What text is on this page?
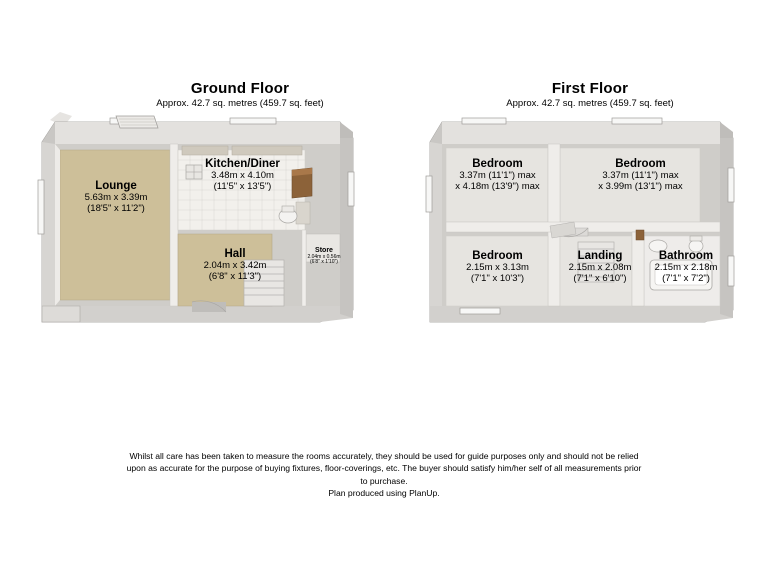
Ground Floor
Approx. 42.7 sq. metres (459.7 sq. feet)
Lounge
5.63m x 3.39m
(18'5" x 11'2")
Kitchen/Diner
3.48m x 4.10m
(11'5" x 13'5")
Hall
2.04m x 3.42m
(6'8" x 11'3")
Store
2.04m x 0.56m
(6'8" x 1'10")
First Floor
Approx. 42.7 sq. metres (459.7 sq. feet)
Bedroom
3.37m (11'1") max
x 4.18m (13'9") max
Bedroom
3.37m (11'1") max
x 3.99m (13'1") max
Bedroom
2.15m x 3.13m
(7'1" x 10'3")
Landing
2.15m x 2.08m
(7'1" x 6'10")
Bathroom
2.15m x 2.18m
(7'1" x 7'2")
Whilst all care has been taken to measure the rooms accurately, they should be used for guide purposes only and should not be relied
upon as accurate for the purpose of buying fixtures, floor-coverings, etc. The buyer should satisfy him/her self of all measurements prior
to purchase.
Plan produced using PlanUp.
